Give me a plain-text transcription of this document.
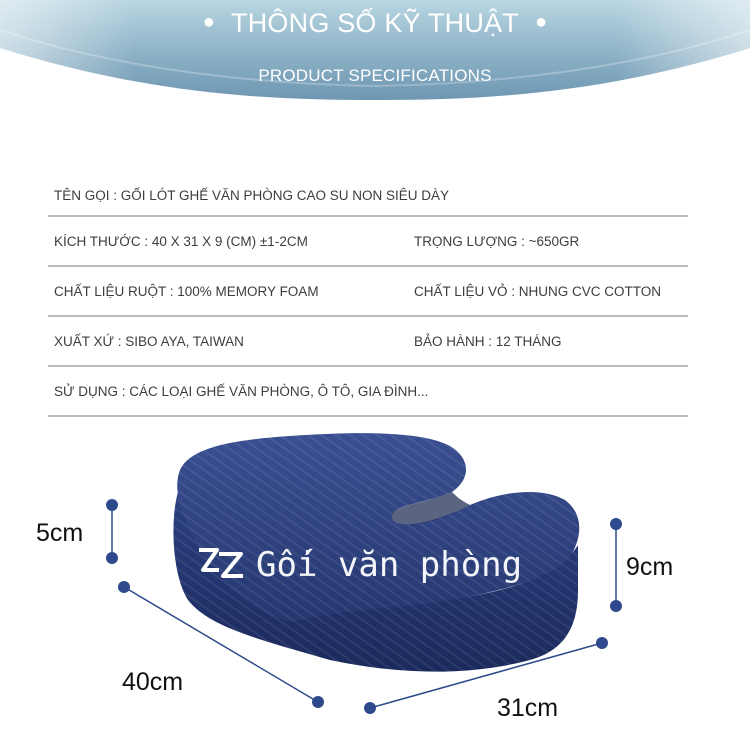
● THÔNG SỐ KỸ THUẬT ●
PRODUCT SPECIFICATIONS
TÊN GỌI : GỐI LÓT GHẾ VĂN PHÒNG CAO SU NON SIÊU DÀY
KÍCH THƯỚC : 40 X 31 X 9 (CM) ±1-2CM	TRỌNG LƯỢNG : ~650GR
CHẤT LIỆU RUỘT : 100% MEMORY FOAM	CHẤT LIỆU VỎ : NHUNG CVC COTTON
XUẤT XỨ : SIBO AYA, TAIWAN	BẢO HÀNH : 12 THÁNG
SỬ DỤNG : CÁC LOẠI GHẾ VĂN PHÒNG, Ô TÔ, GIA ĐÌNH...
Gối văn phòng
5cm
9cm
40cm
31cm
